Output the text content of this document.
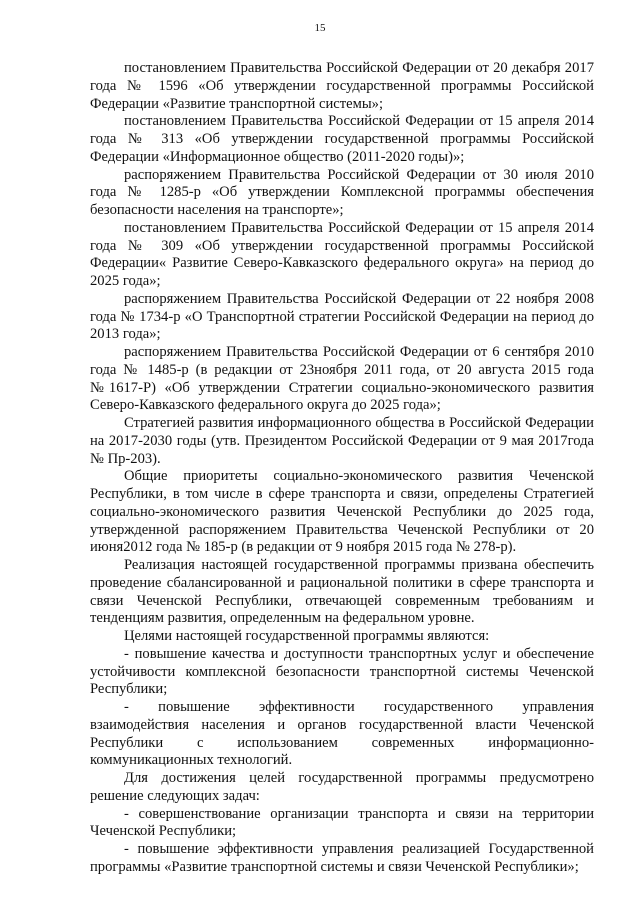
15

постановлением Правительства Российской Федерации от 20 декабря 2017 года № 1596 «Об утверждении государственной программы Российской Федерации «Развитие транспортной системы»;

постановлением Правительства Российской Федерации от 15 апреля 2014 года № 313 «Об утверждении государственной программы Российской Федерации «Информационное общество (2011-2020 годы)»;

распоряжением Правительства Российской Федерации от 30 июля 2010 года № 1285-р «Об утверждении Комплексной программы обеспечения безопасности населения на транспорте»;

постановлением Правительства Российской Федерации от 15 апреля 2014 года № 309 «Об утверждении государственной программы Российской Федерации« Развитие Северо-Кавказского федерального округа» на период до 2025 года»;

распоряжением Правительства Российской Федерации от 22 ноября 2008 года № 1734-р «О Транспортной стратегии Российской Федерации на период до 2013 года»;

распоряжением Правительства Российской Федерации от 6 сентября 2010 года № 1485-р (в редакции от 23ноября 2011 года, от 20 августа 2015 года №1617-Р) «Об утверждении Стратегии социально-экономического развития Северо-Кавказского федерального округа до 2025 года»;

Стратегией развития информационного общества в Российской Федерации на 2017-2030 годы (утв. Президентом Российской Федерации от 9 мая 2017года № Пр-203).

Общие приоритеты социально-экономического развития Чеченской Республики, в том числе в сфере транспорта и связи, определены Стратегией социально-экономического развития Чеченской Республики до 2025 года, утвержденной распоряжением Правительства Чеченской Республики от 20 июня2012 года № 185-р (в редакции от 9 ноября 2015 года № 278-р).

Реализация настоящей государственной программы призвана обеспечить проведение сбалансированной и рациональной политики в сфере транспорта и связи Чеченской Республики, отвечающей современным требованиям и тенденциям развития, определенным на федеральном уровне.

Целями настоящей государственной программы являются:

- повышение качества и доступности транспортных услуг и обеспечение устойчивости комплексной безопасности транспортной системы Чеченской Республики;

- повышение эффективности государственного управления взаимодействия населения и органов государственной власти Чеченской Республики с использованием современных информационно-коммуникационных технологий.

Для достижения целей государственной программы предусмотрено решение следующих задач:

- совершенствование организации транспорта и связи на территории Чеченской Республики;

- повышение эффективности управления реализацией Государственной программы «Развитие транспортной системы и связи Чеченской Республики»;
